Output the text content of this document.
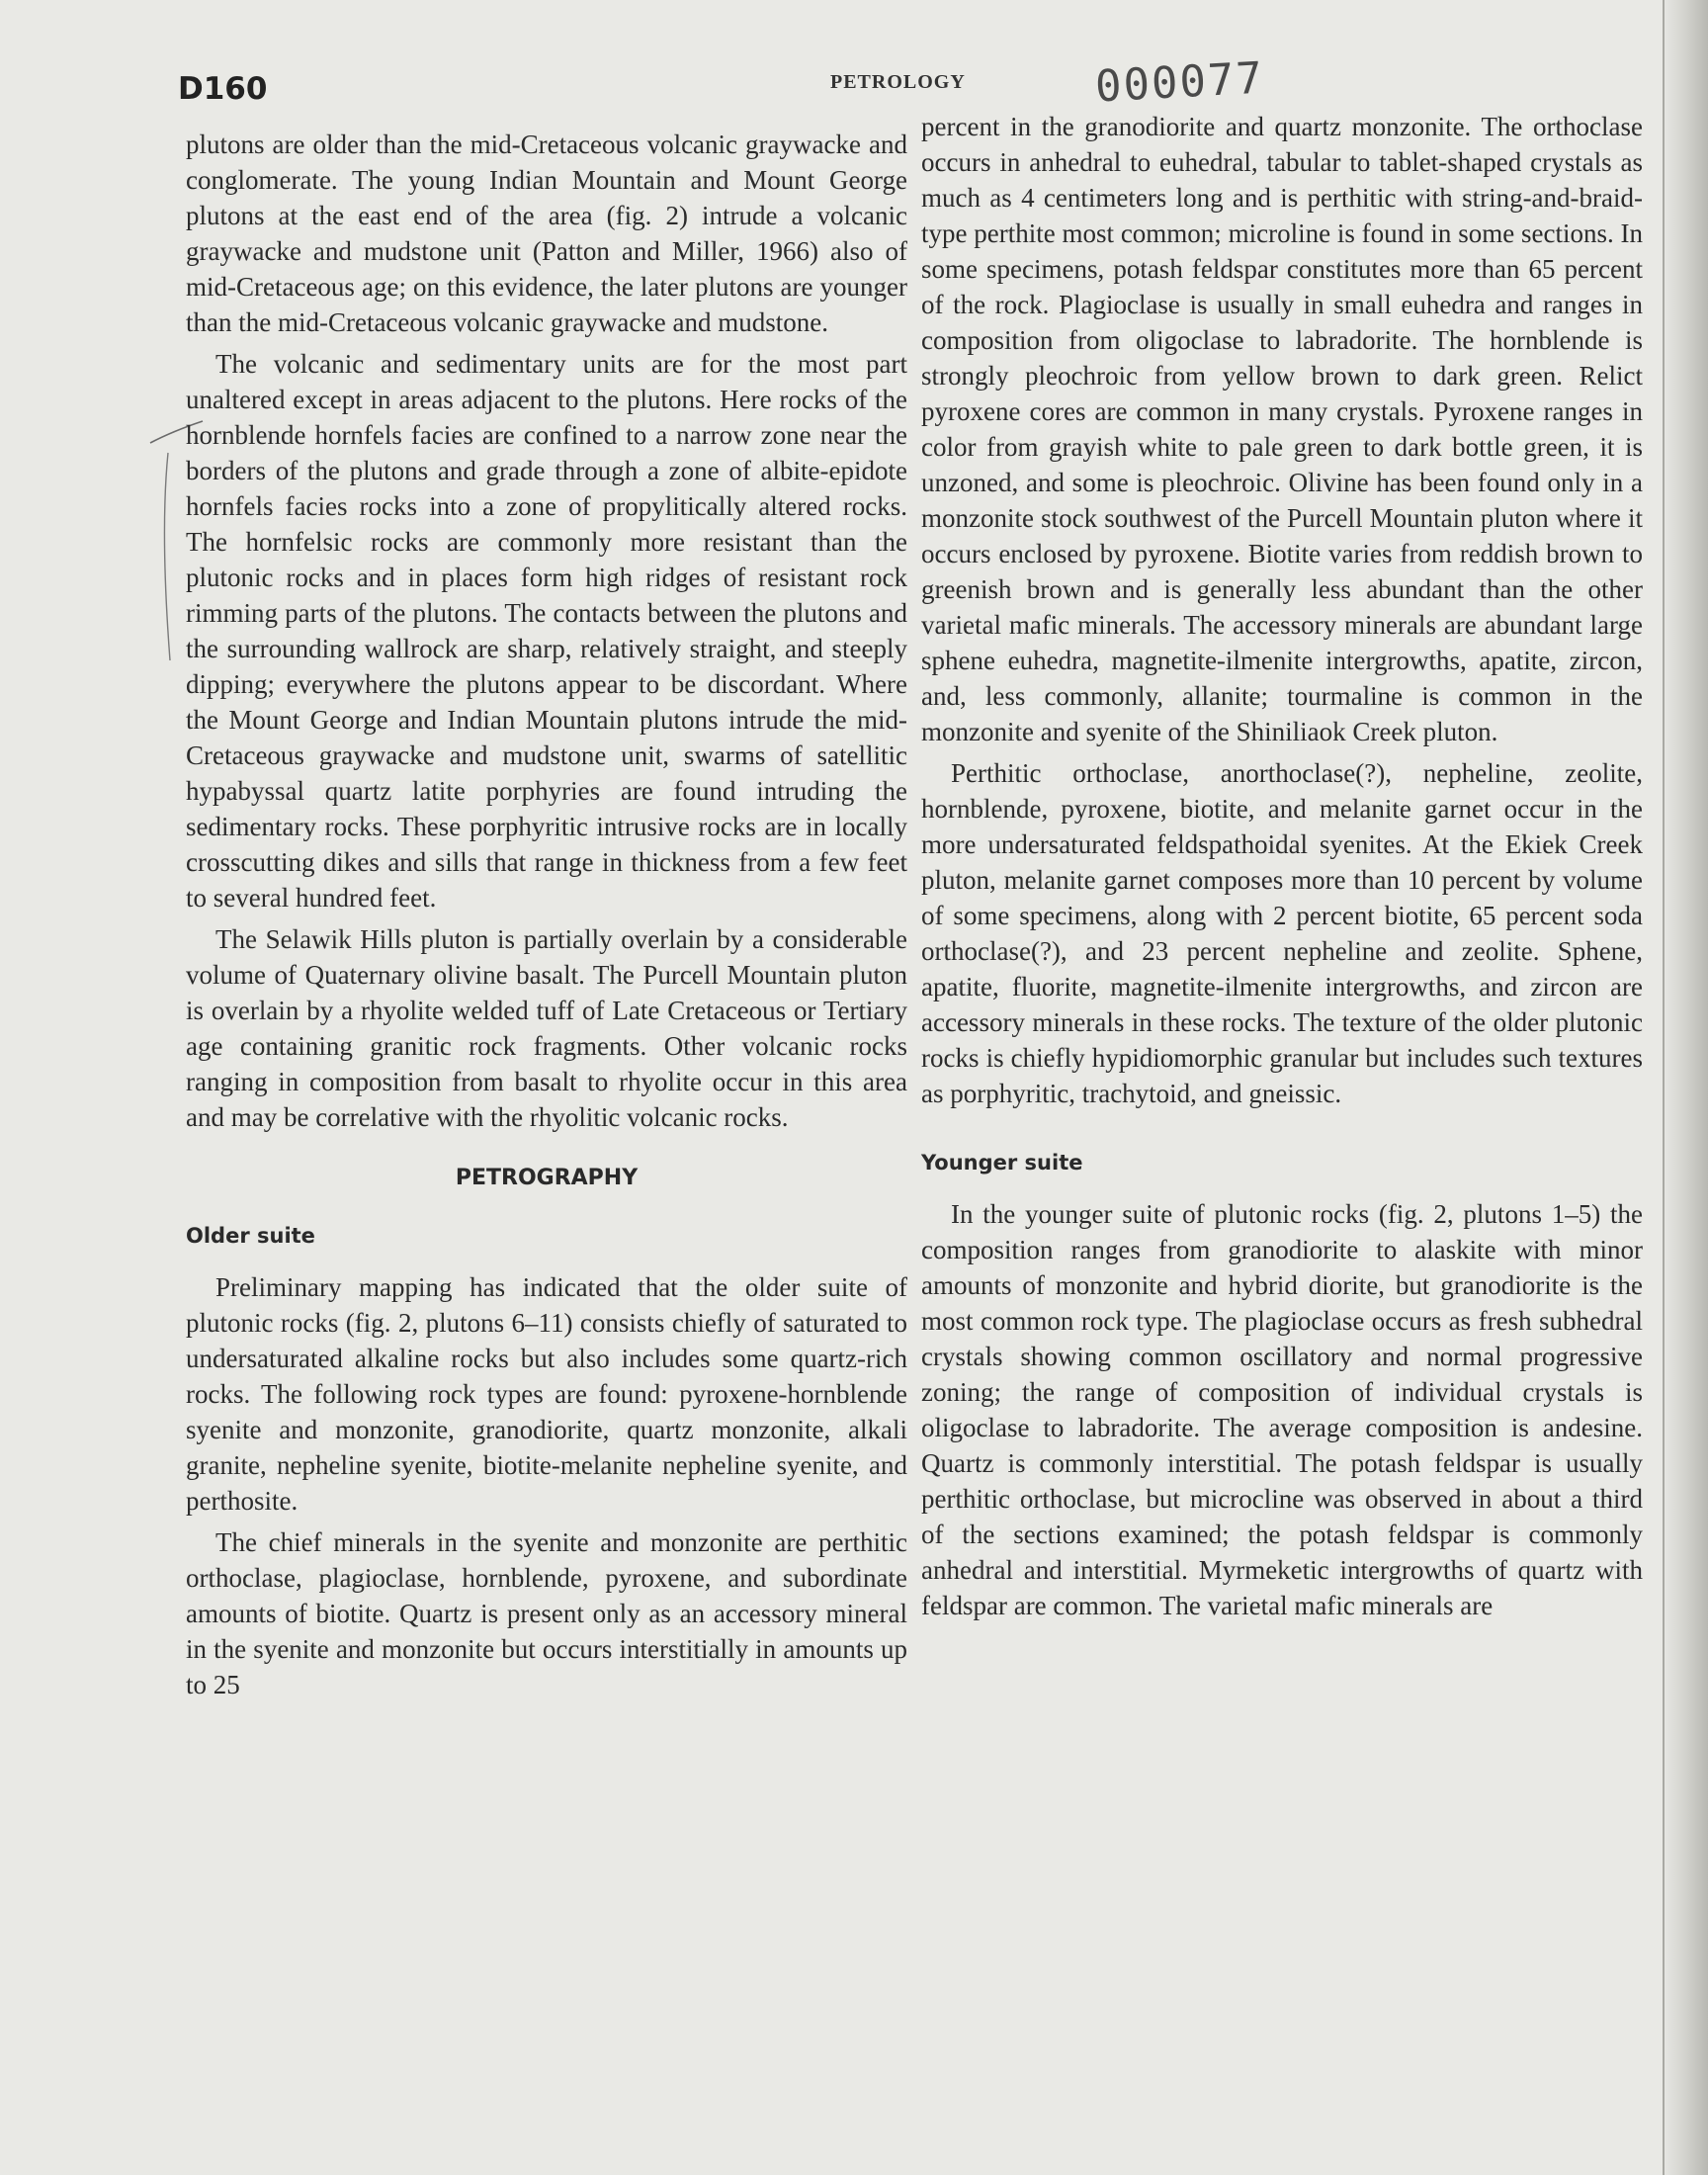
D160	PETROLOGY	000077

plutons are older than the mid-Cretaceous volcanic graywacke and conglomerate. The young Indian Mountain and Mount George plutons at the east end of the area (fig. 2) intrude a volcanic graywacke and mudstone unit (Patton and Miller, 1966) also of mid-Cretaceous age; on this evidence, the later plutons are younger than the mid-Cretaceous volcanic graywacke and mudstone.

The volcanic and sedimentary units are for the most part unaltered except in areas adjacent to the plutons. Here rocks of the hornblende hornfels facies are confined to a narrow zone near the borders of the plutons and grade through a zone of albite-epidote hornfels facies rocks into a zone of propylitically altered rocks. The hornfelsic rocks are commonly more resistant than the plutonic rocks and in places form high ridges of resistant rock rimming parts of the plutons. The contacts between the plutons and the surrounding wallrock are sharp, relatively straight, and steeply dipping; everywhere the plutons appear to be discordant. Where the Mount George and Indian Mountain plutons intrude the mid-Cretaceous graywacke and mudstone unit, swarms of satellitic hypabyssal quartz latite porphyries are found intruding the sedimentary rocks. These porphyritic intrusive rocks are in locally crosscutting dikes and sills that range in thickness from a few feet to several hundred feet.

The Selawik Hills pluton is partially overlain by a considerable volume of Quaternary olivine basalt. The Purcell Mountain pluton is overlain by a rhyolite welded tuff of Late Cretaceous or Tertiary age containing granitic rock fragments. Other volcanic rocks ranging in composition from basalt to rhyolite occur in this area and may be correlative with the rhyolitic volcanic rocks.

PETROGRAPHY
Older suite

Preliminary mapping has indicated that the older suite of plutonic rocks (fig. 2, plutons 6–11) consists chiefly of saturated to undersaturated alkaline rocks but also includes some quartz-rich rocks. The following rock types are found: pyroxene-hornblende syenite and monzonite, granodiorite, quartz monzonite, alkali granite, nepheline syenite, biotite-melanite nepheline syenite, and perthosite.

The chief minerals in the syenite and monzonite are perthitic orthoclase, plagioclase, hornblende, pyroxene, and subordinate amounts of biotite. Quartz is present only as an accessory mineral in the syenite and monzonite but occurs interstitially in amounts up to 25

percent in the granodiorite and quartz monzonite. The orthoclase occurs in anhedral to euhedral, tabular to tablet-shaped crystals as much as 4 centimeters long and is perthitic with string-and-braid-type perthite most common; microline is found in some sections. In some specimens, potash feldspar constitutes more than 65 percent of the rock. Plagioclase is usually in small euhedra and ranges in composition from oligoclase to labradorite. The hornblende is strongly pleochroic from yellow brown to dark green. Relict pyroxene cores are common in many crystals. Pyroxene ranges in color from grayish white to pale green to dark bottle green, it is unzoned, and some is pleochroic. Olivine has been found only in a monzonite stock southwest of the Purcell Mountain pluton where it occurs enclosed by pyroxene. Biotite varies from reddish brown to greenish brown and is generally less abundant than the other varietal mafic minerals. The accessory minerals are abundant large sphene euhedra, magnetite-ilmenite intergrowths, apatite, zircon, and, less commonly, allanite; tourmaline is common in the monzonite and syenite of the Shiniliaok Creek pluton.

Perthitic orthoclase, anorthoclase(?), nepheline, zeolite, hornblende, pyroxene, biotite, and melanite garnet occur in the more undersaturated feldspathoidal syenites. At the Ekiek Creek pluton, melanite garnet composes more than 10 percent by volume of some specimens, along with 2 percent biotite, 65 percent soda orthoclase(?), and 23 percent nepheline and zeolite. Sphene, apatite, fluorite, magnetite-ilmenite intergrowths, and zircon are accessory minerals in these rocks. The texture of the older plutonic rocks is chiefly hypidiomorphic granular but includes such textures as porphyritic, trachytoid, and gneissic.

Younger suite

In the younger suite of plutonic rocks (fig. 2, plutons 1–5) the composition ranges from granodiorite to alaskite with minor amounts of monzonite and hybrid diorite, but granodiorite is the most common rock type. The plagioclase occurs as fresh subhedral crystals showing common oscillatory and normal progressive zoning; the range of composition of individual crystals is oligoclase to labradorite. The average composition is andesine. Quartz is commonly interstitial. The potash feldspar is usually perthitic orthoclase, but microcline was observed in about a third of the sections examined; the potash feldspar is commonly anhedral and interstitial. Myrmeketic intergrowths of quartz with feldspar are common. The varietal mafic minerals are
